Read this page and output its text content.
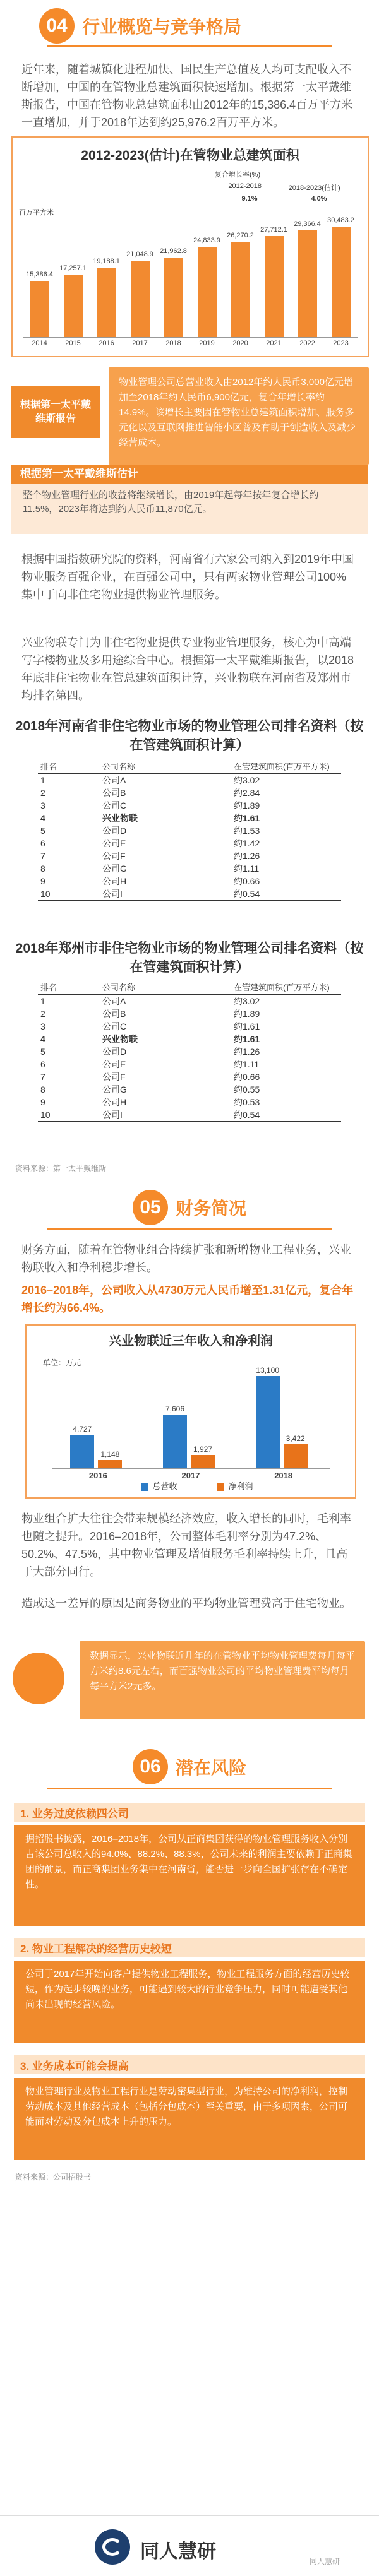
04 行业概览与竞争格局

近年来，随着城镇化进程加快、国民生产总值及人均可支配收入不断增加，中国的在管物业总建筑面积快速增加。根据第一太平戴维斯报告，中国在管物业总建筑面积由2012年的15,386.4百万平方米一直增加，并于2018年达到约25,976.2百万平方米。

2012-2023(估计)在管物业总建筑面积
复合增长率(%)
2012-2018	2018-2023(估计)
9.1%	4.0%
百万平方米
15,386.4
2014
17,257.1
2015
19,188.1
2016
21,048.9
2017
21,962.8
2018
24,833.9
2019
26,270.2
2020
27,712.1
2021
29,366.4
2022
30,483.2
2023
根据第一太平戴维斯报告
物业管理公司总营业收入由2012年约人民币3,000亿元增加至2018年约人民币6,900亿元，复合年增长率约14.9%。该增长主要因在管物业总建筑面积增加、服务多元化以及互联网推进智能小区普及有助于创造收入及减少经营成本。
根据第一太平戴维斯估计
整个物业管理行业的收益将继续增长，由2019年起每年按年复合增长约11.5%，2023年将达到约人民币11,870亿元。

根据中国指数研究院的资料，河南省有六家公司纳入到2019年中国物业服务百强企业，在百强公司中，只有两家物业管理公司100%集中于向非住宅物业提供物业管理服务。

兴业物联专门为非住宅物业提供专业物业管理服务，核心为中高端写字楼物业及多用途综合中心。根据第一太平戴维斯报告，以2018年底非住宅物业在管总建筑面积计算，兴业物联在河南省及郑州市均排名第四。

2018年河南省非住宅物业市场的物业管理公司排名资料（按在管建筑面积计算）
排名	公司名称	在管建筑面积(百万平方米)
1	公司A	约3.02
2	公司B	约2.84
3	公司C	约1.89
4	兴业物联	约1.61
5	公司D	约1.53
6	公司E	约1.42
7	公司F	约1.26
8	公司G	约1.11
9	公司H	约0.66
10	公司I	约0.54
2018年郑州市非住宅物业市场的物业管理公司排名资料（按在管建筑面积计算）
排名	公司名称	在管建筑面积(百万平方米)
1	公司A	约3.02
2	公司B	约1.89
3	公司C	约1.61
4	兴业物联	约1.61
5	公司D	约1.26
6	公司E	约1.11
7	公司F	约0.66
8	公司G	约0.55
9	公司H	约0.53
10	公司I	约0.54
资料来源：第一太平戴维斯
05 财务简况

财务方面，随着在管物业组合持续扩张和新增物业工程业务，兴业物联收入和净利稳步增长。

2016–2018年，公司收入从4730万元人民币增至1.31亿元，复合年增长约为66.4%。

兴业物联近三年收入和净利润
单位：万元
4,727
1,148
2016
7,606
1,927
2017
13,100
3,422
2018
总营收	净利润

物业组合扩大往往会带来规模经济效应，收入增长的同时，毛利率也随之提升。2016–2018年，公司整体毛利率分别为47.2%、50.2%、47.5%，其中物业管理及增值服务毛利率持续上升，且高于大部分同行。

造成这一差异的原因是商务物业的平均物业管理费高于住宅物业。

数据显示，兴业物联近几年的在管物业平均物业管理费每月每平方米约8.6元左右，而百强物业公司的平均物业管理费平均每月每平方米2元多。
06 潜在风险
1. 业务过度依赖四公司
据招股书披露，2016–2018年，公司从正商集团获得的物业管理服务收入分别占该公司总收入的94.0%、88.2%、88.3%，公司未来的利润主要依赖于正商集团的前景，而正商集团业务集中在河南省，能否进一步向全国扩张存在不确定性。
2. 物业工程解决的经营历史较短
公司于2017年开始向客户提供物业工程服务，物业工程服务方面的经营历史较短，作为起步较晚的业务，可能遇到较大的行业竞争压力，同时可能遭受其他尚未出现的经营风险。
3. 业务成本可能会提高
物业管理行业及物业工程行业是劳动密集型行业，为维持公司的净利润，控制劳动成本及其他经营成本（包括分包成本）至关重要，由于多项因素，公司可能面对劳动及分包成本上升的压力。
资料来源：公司招股书
同人慧研	同人慧研
